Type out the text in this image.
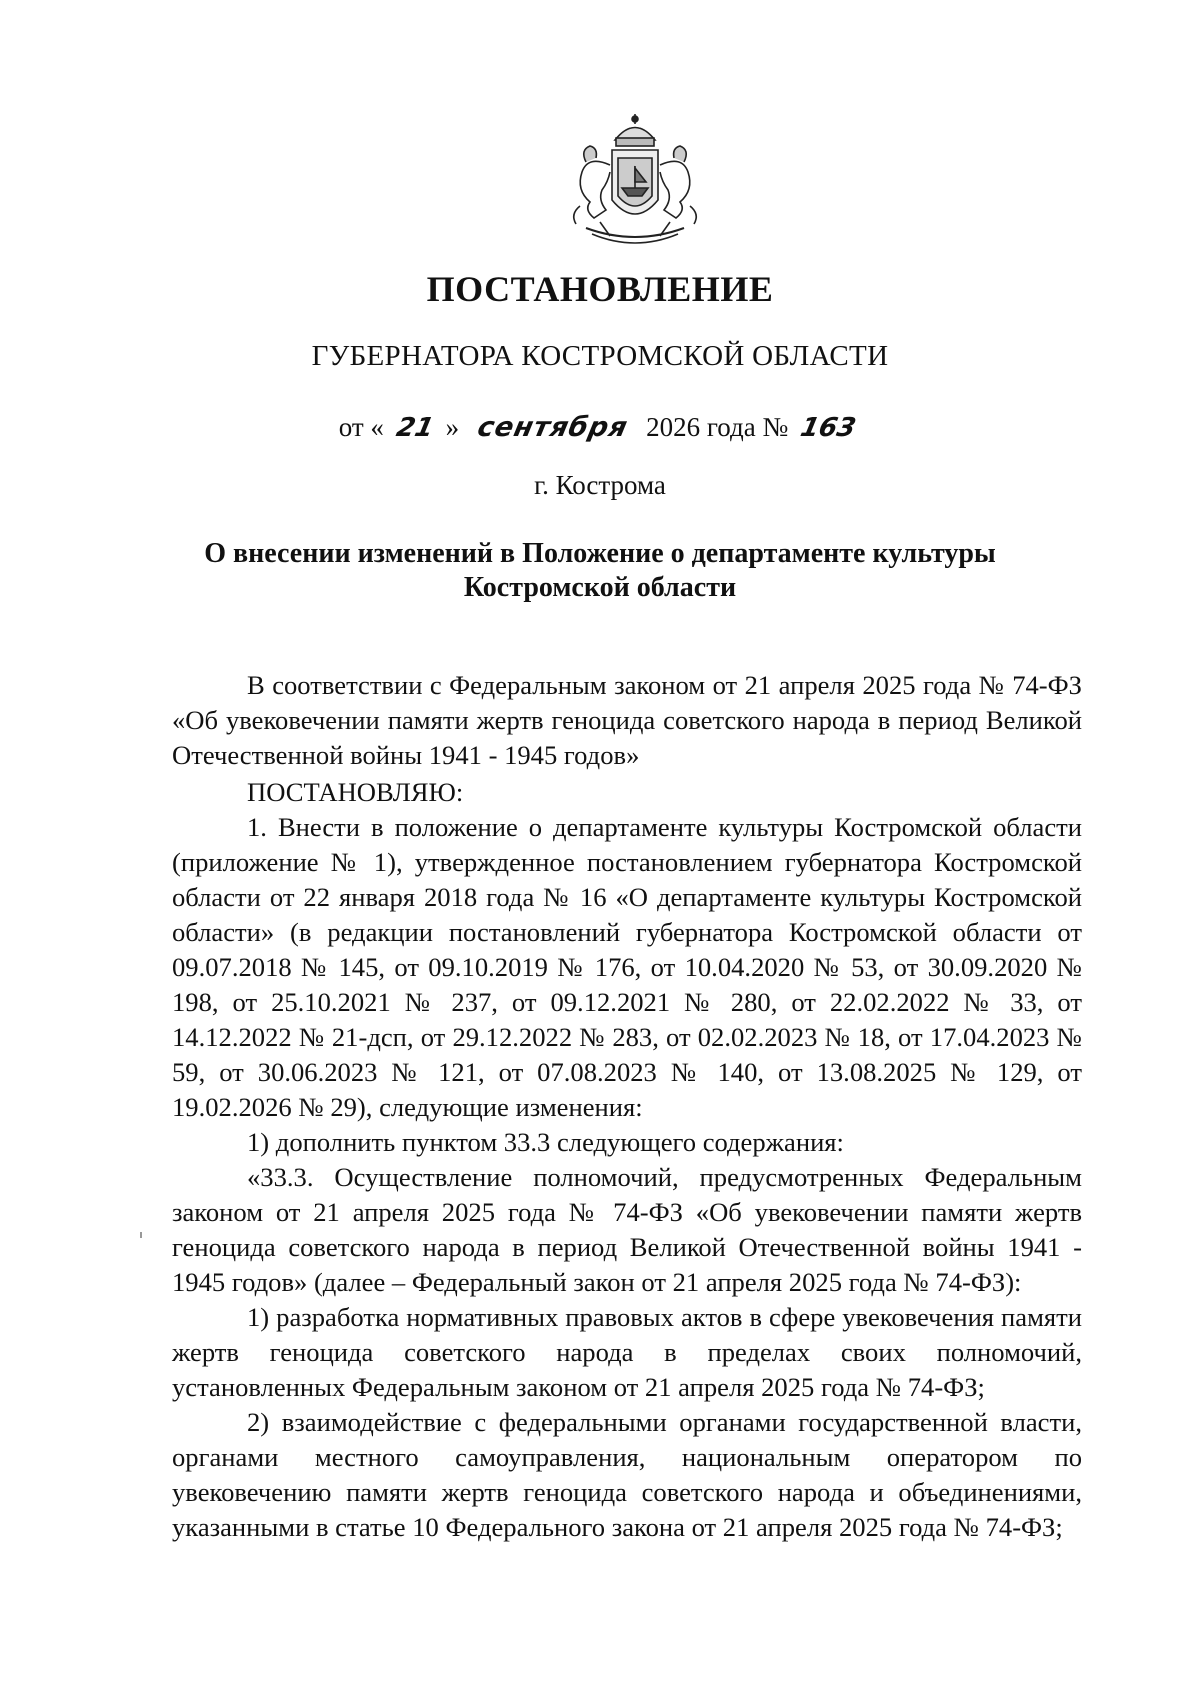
ПОСТАНОВЛЕНИЕ
ГУБЕРНАТОРА КОСТРОМСКОЙ ОБЛАСТИ
от « 21 » сентября 2026 года № 163
г. Кострома
О внесении изменений в Положение о департаменте культуры
Костромской области

В соответствии с Федеральным законом от 21 апреля 2025 года № 74-ФЗ «Об увековечении памяти жертв геноцида советского народа в период Великой Отечественной войны 1941 - 1945 годов»

ПОСТАНОВЛЯЮ:

1. Внести в положение о департаменте культуры Костромской области (приложение № 1), утвержденное постановлением губернатора Костромской области от 22 января 2018 года № 16 «О департаменте культуры Костромской области» (в редакции постановлений губернатора Костромской области от 09.07.2018 № 145, от 09.10.2019 № 176, от 10.04.2020 № 53, от 30.09.2020 № 198, от 25.10.2021 № 237, от 09.12.2021 № 280, от 22.02.2022 № 33, от 14.12.2022 № 21-дсп, от 29.12.2022 № 283, от 02.02.2023 № 18, от 17.04.2023 № 59, от 30.06.2023 № 121, от 07.08.2023 № 140, от 13.08.2025 № 129, от 19.02.2026 № 29), следующие изменения:

1) дополнить пунктом 33.3 следующего содержания:

«33.3. Осуществление полномочий, предусмотренных Федеральным законом от 21 апреля 2025 года № 74-ФЗ «Об увековечении памяти жертв геноцида советского народа в период Великой Отечественной войны 1941 - 1945 годов» (далее – Федеральный закон от 21 апреля 2025 года № 74-ФЗ):

1) разработка нормативных правовых актов в сфере увековечения памяти жертв геноцида советского народа в пределах своих полномочий, установленных Федеральным законом от 21 апреля 2025 года № 74-ФЗ;

2) взаимодействие с федеральными органами государственной власти, органами местного самоуправления, национальным оператором по увековечению памяти жертв геноцида советского народа и объединениями, указанными в статье 10 Федерального закона от 21 апреля 2025 года № 74-ФЗ;
